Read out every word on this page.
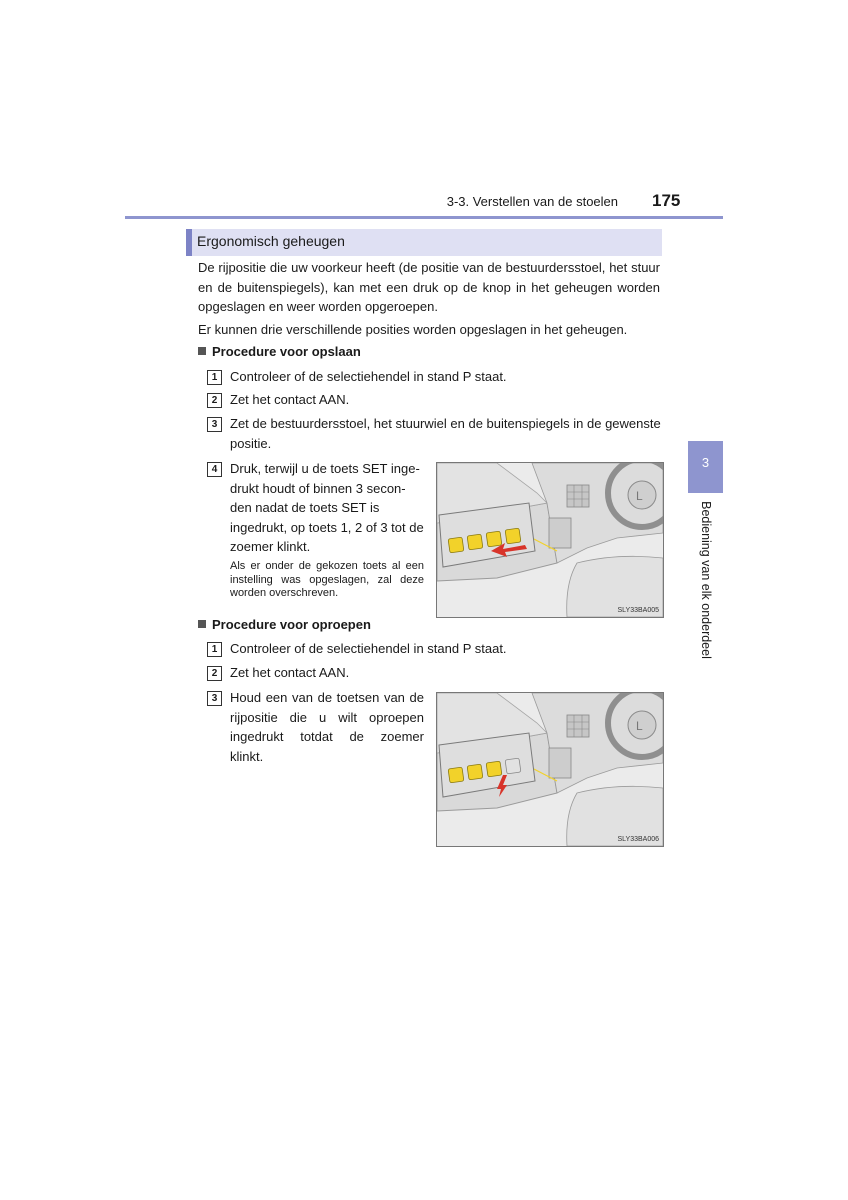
3-3. Verstellen van de stoelen 175
3
Bediening van elk onderdeel
Ergonomisch geheugen
De rijpositie die uw voorkeur heeft (de positie van de bestuurdersstoel, het stuur
en de buitenspiegels), kan met een druk op de knop in het geheugen worden
opgeslagen en weer worden opgeroepen.
Er kunnen drie verschillende posities worden opgeslagen in het geheugen.
Procedure voor opslaan
1 Controleer of de selectiehendel in stand P staat.
2 Zet het contact AAN.
3 Zet de bestuurdersstoel, het stuurwiel en de buitenspiegels in de gewenste
positie.
4 Druk, terwijl u de toets SET inge-
drukt houdt of binnen 3 secon-
den nadat de toets SET is
ingedrukt, op toets 1, 2 of 3 tot de
zoemer klinkt.
Als er onder de gekozen toets al een
instelling was opgeslagen, zal deze
worden overschreven.
L
SLY33BA005
Procedure voor oproepen
1 Controleer of de selectiehendel in stand P staat.
2 Zet het contact AAN.
3 Houd een van de toetsen van de
rijpositie die u wilt oproepen
ingedrukt totdat de zoemer
klinkt.
L
SLY33BA006
